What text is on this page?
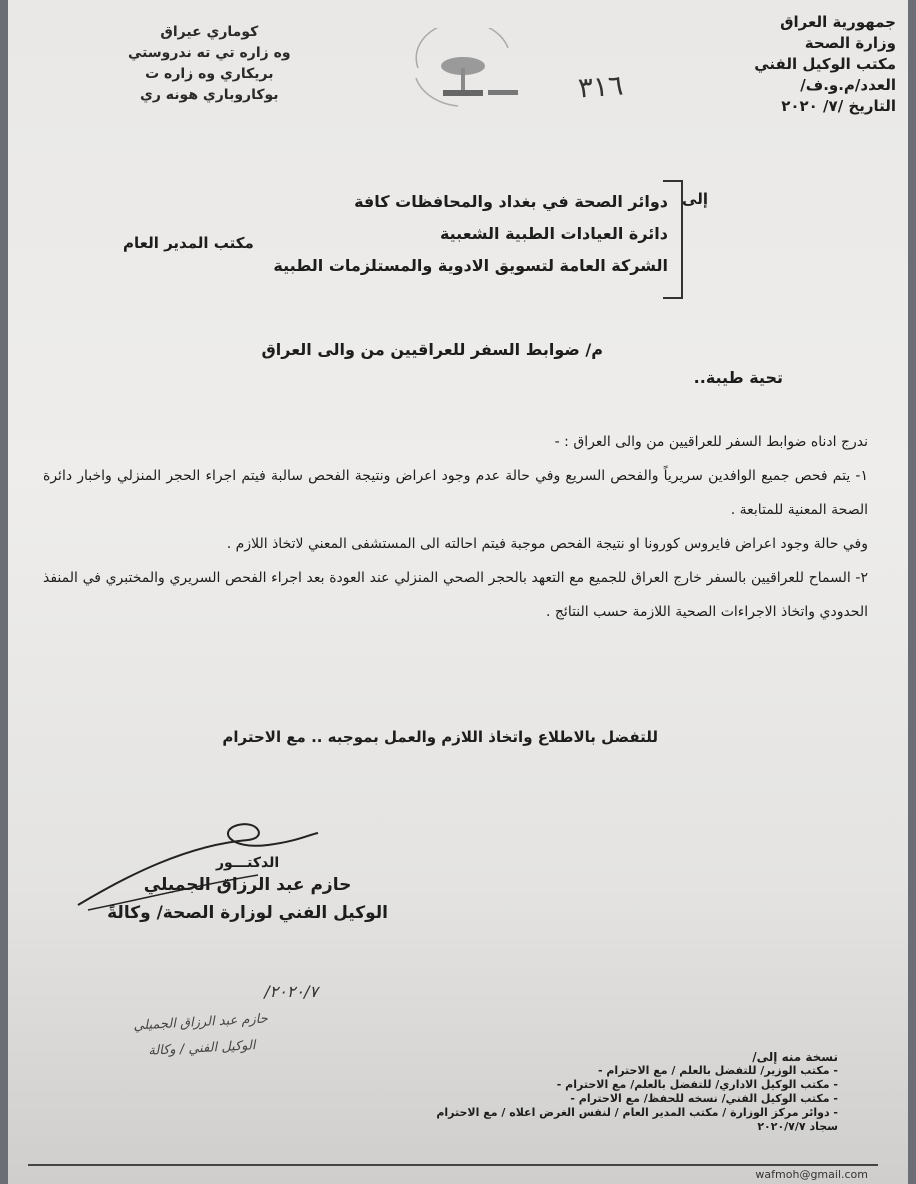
جمهورية العراق
وزارة الصحة
مكتب الوكيل الفني
العدد/م.و.ف/
التاريخ /٧/ ٢٠٢٠
كوماري عيراق
وه زاره تي ته ندروستي
بريكاري وه زاره ت
بوكاروباري هونه ري	٣١٦
إلى
دوائر الصحة في بغداد والمحافظات كافة
دائرة العيادات الطبية الشعبية
الشركة العامة لتسويق الادوية والمستلزمات الطبية
مكتب المدير العام
م/ ضوابط السفر للعراقيين من والى العراق
تحية طيبة..

ندرج ادناه ضوابط السفر للعراقيين من والى العراق : -

١- يتم فحص جميع الوافدين سريرياً والفحص السريع وفي حالة عدم وجود اعراض ونتيجة الفحص سالبة فيتم اجراء الحجر المنزلي واخبار دائرة الصحة المعنية للمتابعة .

وفي حالة وجود اعراض فايروس كورونا او نتيجة الفحص موجبة فيتم احالته الى المستشفى المعني لاتخاذ اللازم .

٢- السماح للعراقيين بالسفر خارج العراق للجميع مع التعهد بالحجر الصحي المنزلي عند العودة بعد اجراء الفحص السريري والمختبري في المنفذ الحدودي واتخاذ الاجراءات الصحية اللازمة حسب النتائج .

للتفضل بالاطلاع واتخاذ اللازم والعمل بموجبه .. مع الاحترام
الدكتـــور
حازم عبد الرزاق الجميلي
الوكيل الفني لوزارة الصحة/ وكالةً
٢٠٢٠/٧/
حازم عبد الرزاق الجميلي
الوكيل الفني / وكالة	نسخة منه إلى/
- مكتب الوزير/ للتفضل بالعلم / مع الاحترام -
- مكتب الوكيل الاداري/ للتفضل بالعلم/ مع الاحترام -
- مكتب الوكيل الفني/ نسخه للحفظ/ مع الاحترام -
- دوائر مركز الوزارة / مكتب المدير العام / لنفس الغرض اعلاه / مع الاحترام
سجاد ٢٠٢٠/٧/٧
wafmoh@gmail.com
